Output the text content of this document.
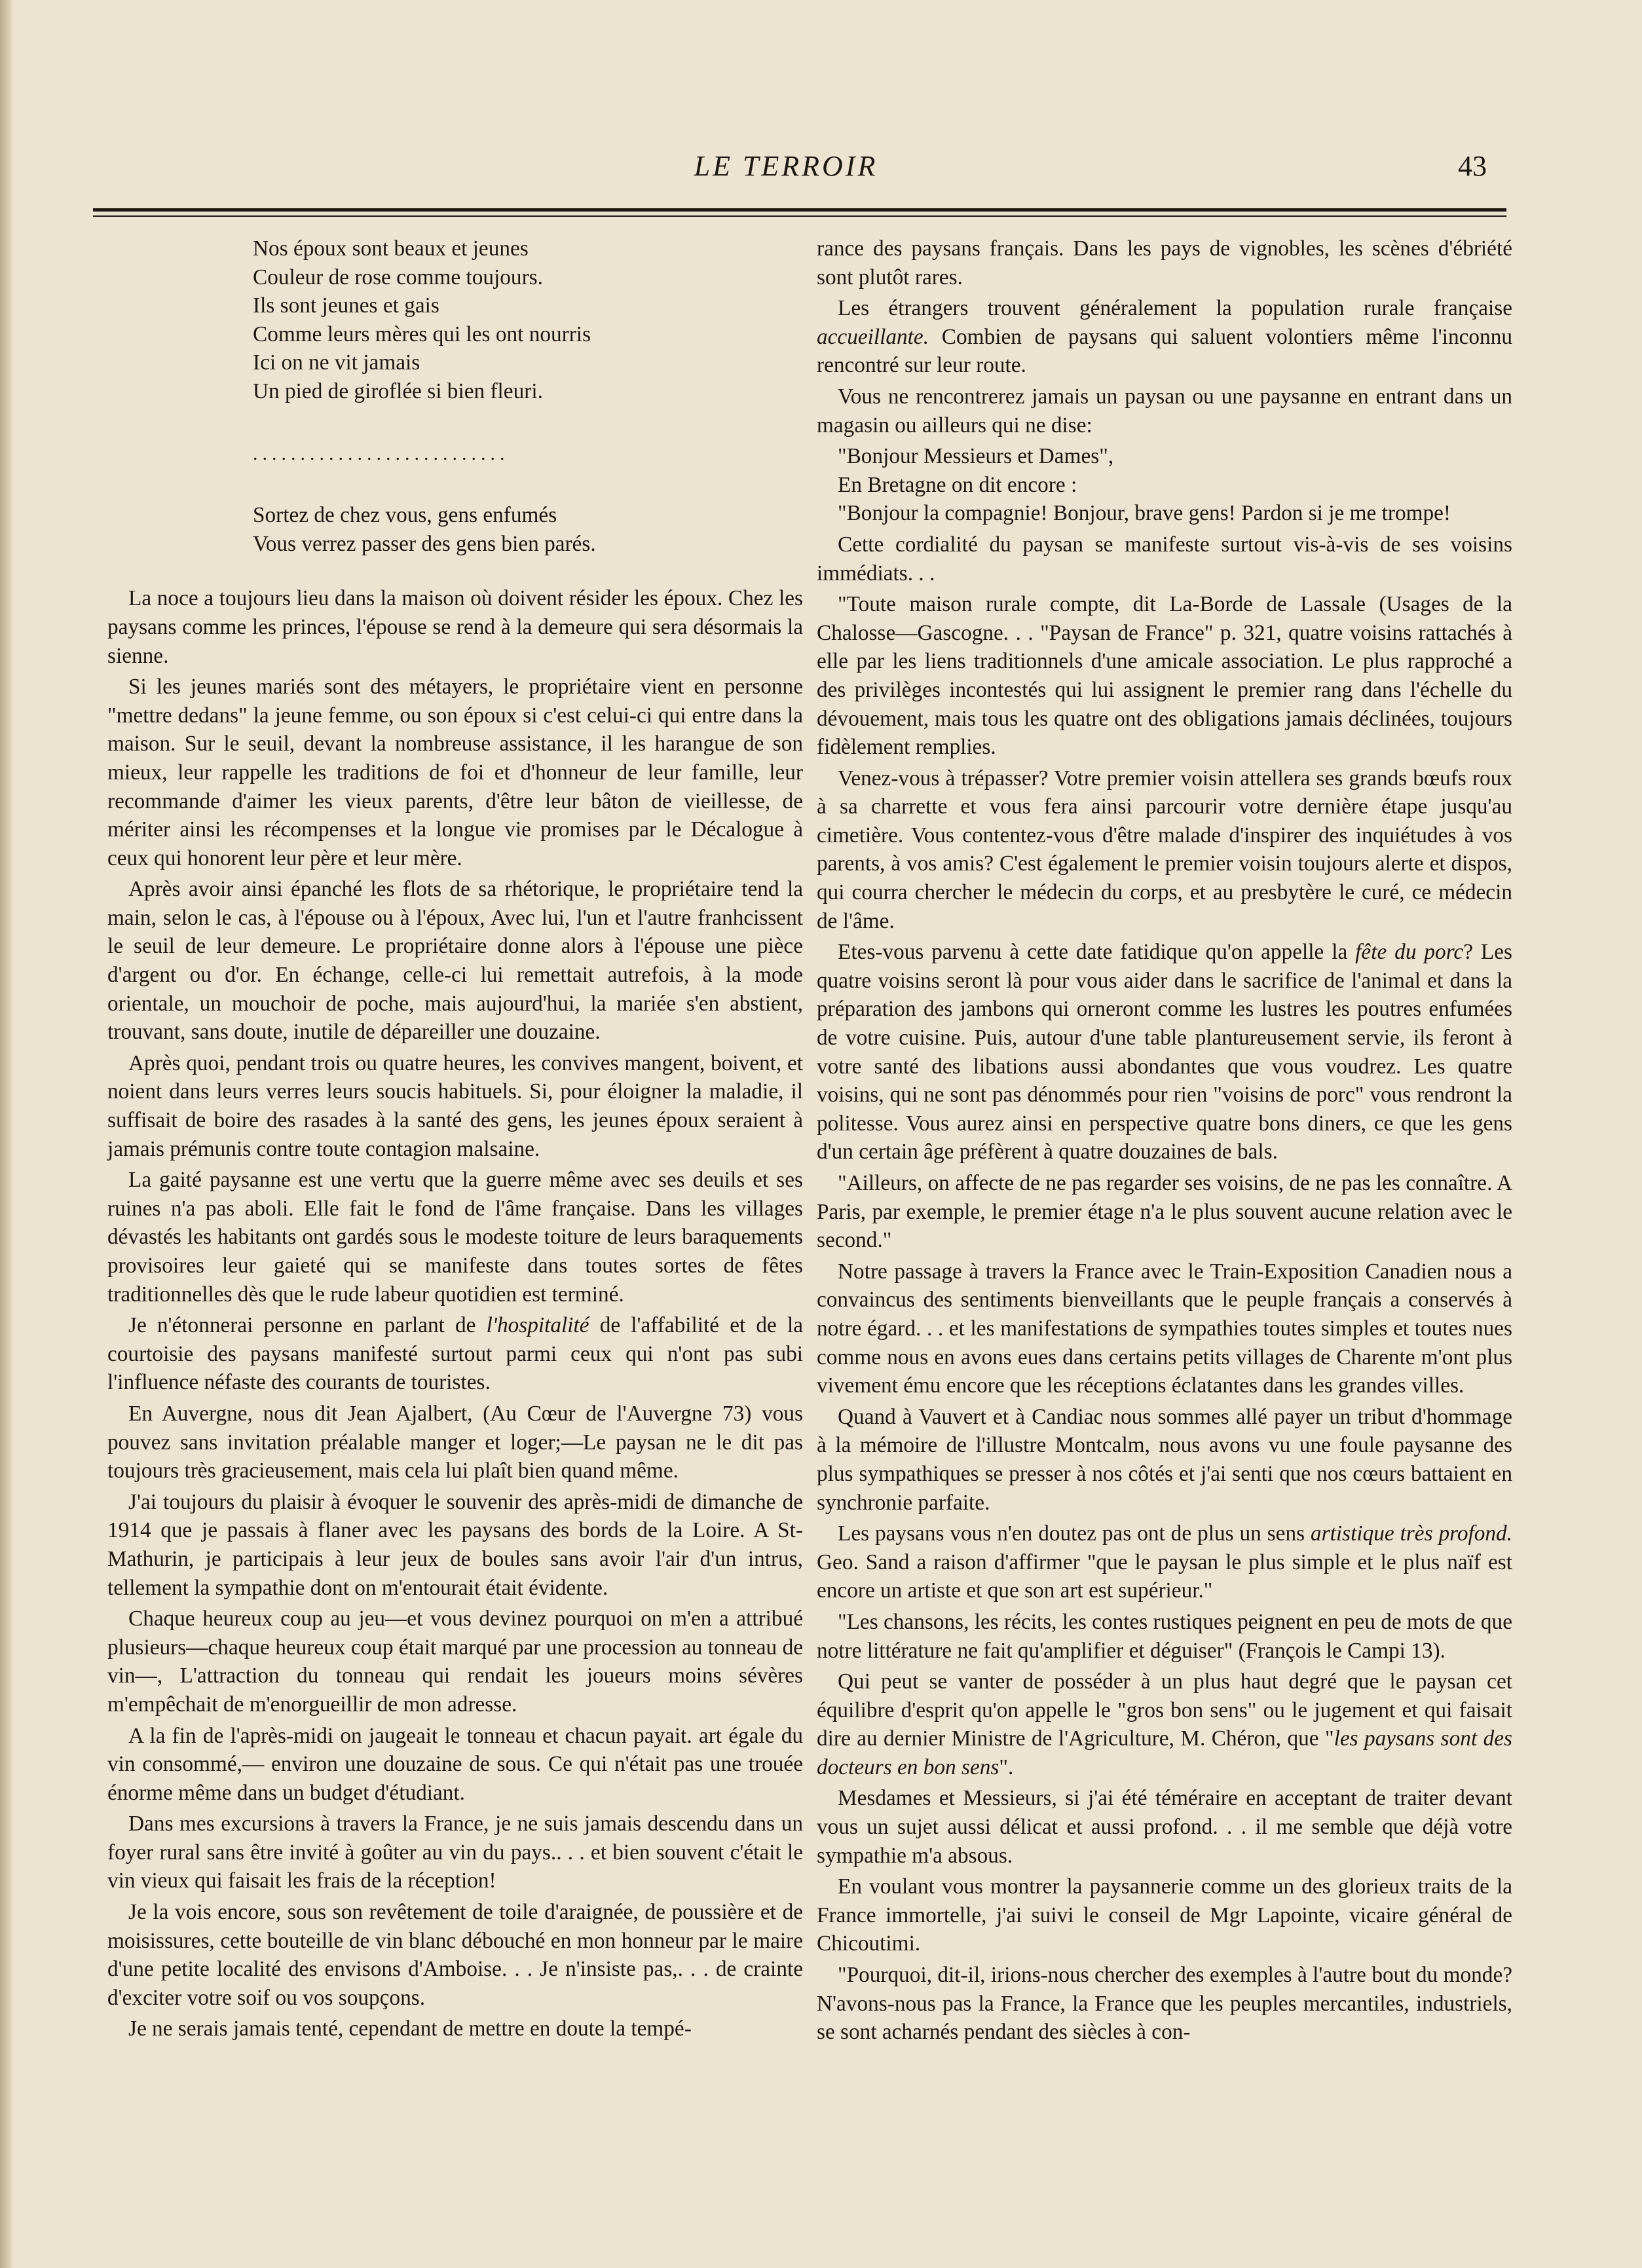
LE TERROIR	43
Nos époux sont beaux et jeunes
Couleur de rose comme toujours.
Ils sont jeunes et gais
Comme leurs mères qui les ont nourris
Ici on ne vit jamais
Un pied de giroflée si bien fleuri.
...........................
Sortez de chez vous, gens enfumés
Vous verrez passer des gens bien parés.

La noce a toujours lieu dans la maison où doivent résider les époux. Chez les paysans comme les princes, l'épouse se rend à la demeure qui sera désormais la sienne.

Si les jeunes mariés sont des métayers, le propriétaire vient en personne "mettre dedans" la jeune femme, ou son époux si c'est celui-ci qui entre dans la maison. Sur le seuil, devant la nombreuse assistance, il les harangue de son mieux, leur rappelle les traditions de foi et d'honneur de leur famille, leur recommande d'aimer les vieux parents, d'être leur bâton de vieillesse, de mériter ainsi les récompenses et la longue vie promises par le Décalogue à ceux qui honorent leur père et leur mère.

Après avoir ainsi épanché les flots de sa rhétorique, le propriétaire tend la main, selon le cas, à l'épouse ou à l'époux, Avec lui, l'un et l'autre franhcissent le seuil de leur demeure. Le propriétaire donne alors à l'épouse une pièce d'argent ou d'or. En échange, celle-ci lui remettait autrefois, à la mode orientale, un mouchoir de poche, mais aujourd'hui, la mariée s'en abstient, trouvant, sans doute, inutile de dépareiller une douzaine.

Après quoi, pendant trois ou quatre heures, les convives mangent, boivent, et noient dans leurs verres leurs soucis habituels. Si, pour éloigner la maladie, il suffisait de boire des rasades à la santé des gens, les jeunes époux seraient à jamais prémunis contre toute contagion malsaine.

La gaité paysanne est une vertu que la guerre même avec ses deuils et ses ruines n'a pas aboli. Elle fait le fond de l'âme française. Dans les villages dévastés les habitants ont gardés sous le modeste toiture de leurs baraquements provisoires leur gaieté qui se manifeste dans toutes sortes de fêtes traditionnelles dès que le rude labeur quotidien est terminé.

Je n'étonnerai personne en parlant de l'hospitalité de l'affabilité et de la courtoisie des paysans manifesté surtout parmi ceux qui n'ont pas subi l'influence néfaste des courants de touristes.

En Auvergne, nous dit Jean Ajalbert, (Au Cœur de l'Auvergne 73) vous pouvez sans invitation préalable manger et loger;—Le paysan ne le dit pas toujours très gracieusement, mais cela lui plaît bien quand même.

J'ai toujours du plaisir à évoquer le souvenir des après-midi de dimanche de 1914 que je passais à flaner avec les paysans des bords de la Loire. A St-Mathurin, je participais à leur jeux de boules sans avoir l'air d'un intrus, tellement la sympathie dont on m'entourait était évidente.

Chaque heureux coup au jeu—et vous devinez pourquoi on m'en a attribué plusieurs—chaque heureux coup était marqué par une procession au tonneau de vin—, L'attraction du tonneau qui rendait les joueurs moins sévères m'empêchait de m'enorgueillir de mon adresse.

A la fin de l'après-midi on jaugeait le tonneau et chacun payait. art égale du vin consommé,— environ une douzaine de sous. Ce qui n'était pas une trouée énorme même dans un budget d'étudiant.

Dans mes excursions à travers la France, je ne suis jamais descendu dans un foyer rural sans être invité à goûter au vin du pays.. . . et bien souvent c'était le vin vieux qui faisait les frais de la réception!

Je la vois encore, sous son revêtement de toile d'araignée, de poussière et de moisissures, cette bouteille de vin blanc débouché en mon honneur par le maire d'une petite localité des envisons d'Amboise. . . Je n'insiste pas,. . . de crainte d'exciter votre soif ou vos soupçons.

Je ne serais jamais tenté, cependant de mettre en doute la tempé-

rance des paysans français. Dans les pays de vignobles, les scènes d'ébriété sont plutôt rares.

Les étrangers trouvent généralement la population rurale française accueillante. Combien de paysans qui saluent volontiers même l'inconnu rencontré sur leur route.

Vous ne rencontrerez jamais un paysan ou une paysanne en entrant dans un magasin ou ailleurs qui ne dise:

"Bonjour Messieurs et Dames",

En Bretagne on dit encore :

"Bonjour la compagnie! Bonjour, brave gens! Pardon si je me trompe!

Cette cordialité du paysan se manifeste surtout vis-à-vis de ses voisins immédiats. . .

"Toute maison rurale compte, dit La-Borde de Lassale (Usages de la Chalosse—Gascogne. . . "Paysan de France" p. 321, quatre voisins rattachés à elle par les liens traditionnels d'une amicale association. Le plus rapproché a des privilèges incontestés qui lui assignent le premier rang dans l'échelle du dévouement, mais tous les quatre ont des obligations jamais déclinées, toujours fidèlement remplies.

Venez-vous à trépasser? Votre premier voisin attellera ses grands bœufs roux à sa charrette et vous fera ainsi parcourir votre dernière étape jusqu'au cimetière. Vous contentez-vous d'être malade d'inspirer des inquiétudes à vos parents, à vos amis? C'est également le premier voisin toujours alerte et dispos, qui courra chercher le médecin du corps, et au presbytère le curé, ce médecin de l'âme.

Etes-vous parvenu à cette date fatidique qu'on appelle la fête du porc? Les quatre voisins seront là pour vous aider dans le sacrifice de l'animal et dans la préparation des jambons qui orneront comme les lustres les poutres enfumées de votre cuisine. Puis, autour d'une table plantureusement servie, ils feront à votre santé des libations aussi abondantes que vous voudrez. Les quatre voisins, qui ne sont pas dénommés pour rien "voisins de porc" vous rendront la politesse. Vous aurez ainsi en perspective quatre bons diners, ce que les gens d'un certain âge préfèrent à quatre douzaines de bals.

"Ailleurs, on affecte de ne pas regarder ses voisins, de ne pas les connaître. A Paris, par exemple, le premier étage n'a le plus souvent aucune relation avec le second."

Notre passage à travers la France avec le Train-Exposition Canadien nous a convaincus des sentiments bienveillants que le peuple français a conservés à notre égard. . . et les manifestations de sympathies toutes simples et toutes nues comme nous en avons eues dans certains petits villages de Charente m'ont plus vivement ému encore que les réceptions éclatantes dans les grandes villes.

Quand à Vauvert et à Candiac nous sommes allé payer un tribut d'hommage à la mémoire de l'illustre Montcalm, nous avons vu une foule paysanne des plus sympathiques se presser à nos côtés et j'ai senti que nos cœurs battaient en synchronie parfaite.

Les paysans vous n'en doutez pas ont de plus un sens artistique très profond. Geo. Sand a raison d'affirmer "que le paysan le plus simple et le plus naïf est encore un artiste et que son art est supérieur."

"Les chansons, les récits, les contes rustiques peignent en peu de mots de que notre littérature ne fait qu'amplifier et déguiser" (François le Campi 13).

Qui peut se vanter de posséder à un plus haut degré que le paysan cet équilibre d'esprit qu'on appelle le "gros bon sens" ou le jugement et qui faisait dire au dernier Ministre de l'Agriculture, M. Chéron, que "les paysans sont des docteurs en bon sens".

Mesdames et Messieurs, si j'ai été téméraire en acceptant de traiter devant vous un sujet aussi délicat et aussi profond. . . il me semble que déjà votre sympathie m'a absous.

En voulant vous montrer la paysannerie comme un des glorieux traits de la France immortelle, j'ai suivi le conseil de Mgr Lapointe, vicaire général de Chicoutimi.

"Pourquoi, dit-il, irions-nous chercher des exemples à l'autre bout du monde? N'avons-nous pas la France, la France que les peuples mercantiles, industriels, se sont acharnés pendant des siècles à con-
